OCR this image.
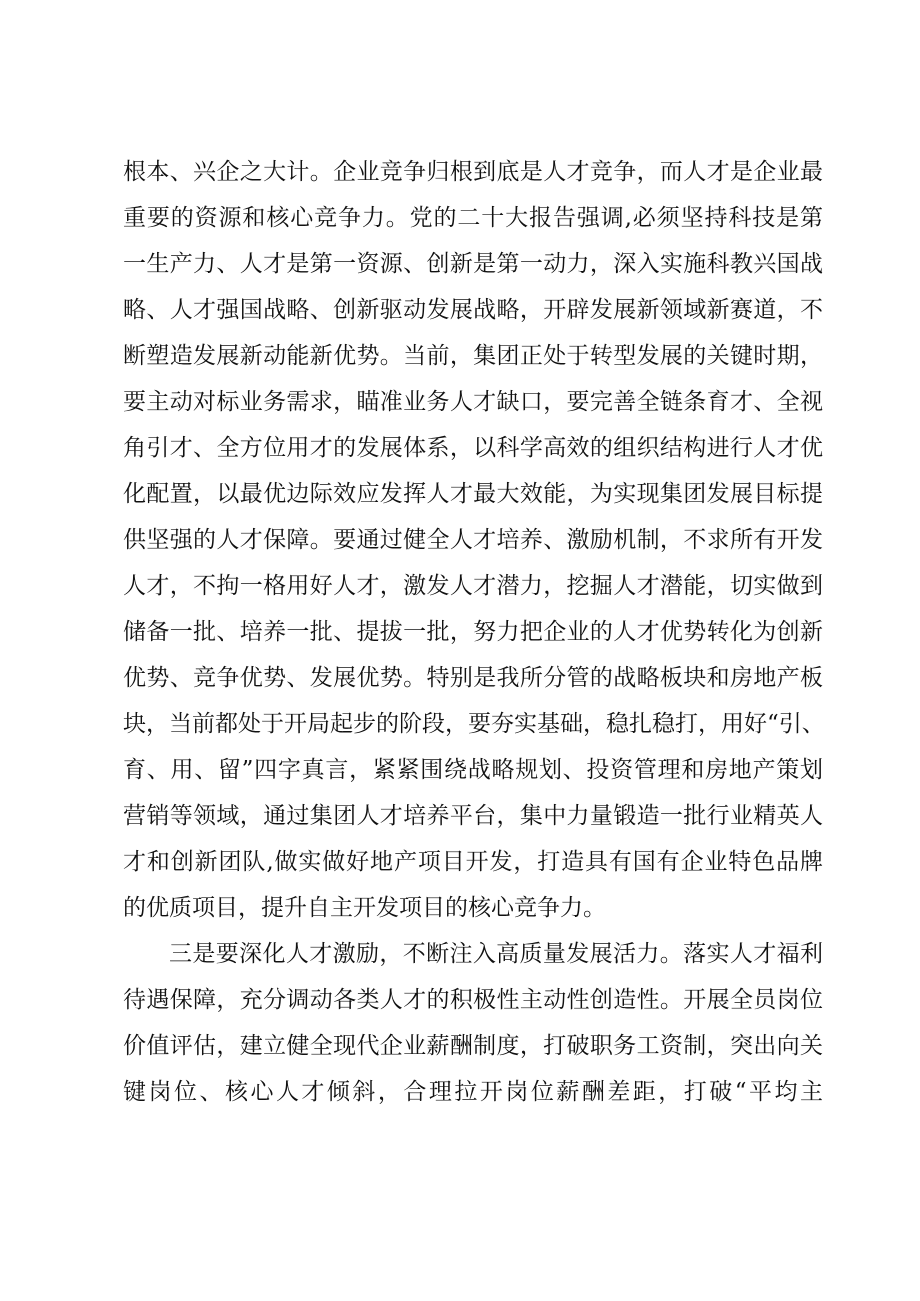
根本、兴企之大计。企业竞争归根到底是人才竞争，而人才是企业最
重要的资源和核心竞争力。党的二十大报告强调,必须坚持科技是第
一生产力、人才是第一资源、创新是第一动力，深入实施科教兴国战
略、人才强国战略、创新驱动发展战略，开辟发展新领域新赛道，不
断塑造发展新动能新优势。当前，集团正处于转型发展的关键时期，
要主动对标业务需求，瞄准业务人才缺口，要完善全链条育才、全视
角引才、全方位用才的发展体系，以科学高效的组织结构进行人才优
化配置，以最优边际效应发挥人才最大效能，为实现集团发展目标提
供坚强的人才保障。要通过健全人才培养、激励机制，不求所有开发
人才，不拘一格用好人才，激发人才潜力，挖掘人才潜能，切实做到
储备一批、培养一批、提拔一批，努力把企业的人才优势转化为创新
优势、竞争优势、发展优势。特别是我所分管的战略板块和房地产板
块，当前都处于开局起步的阶段，要夯实基础，稳扎稳打，用好“引、
育、用、留”四字真言，紧紧围绕战略规划、投资管理和房地产策划
营销等领域，通过集团人才培养平台，集中力量锻造一批行业精英人
才和创新团队,做实做好地产项目开发，打造具有国有企业特色品牌
的优质项目，提升自主开发项目的核心竞争力。
三是要深化人才激励，不断注入高质量发展活力。落实人才福利
待遇保障，充分调动各类人才的积极性主动性创造性。开展全员岗位
价值评估，建立健全现代企业薪酬制度，打破职务工资制，突出向关
键岗位、核心人才倾斜，合理拉开岗位薪酬差距，打破“平均主
